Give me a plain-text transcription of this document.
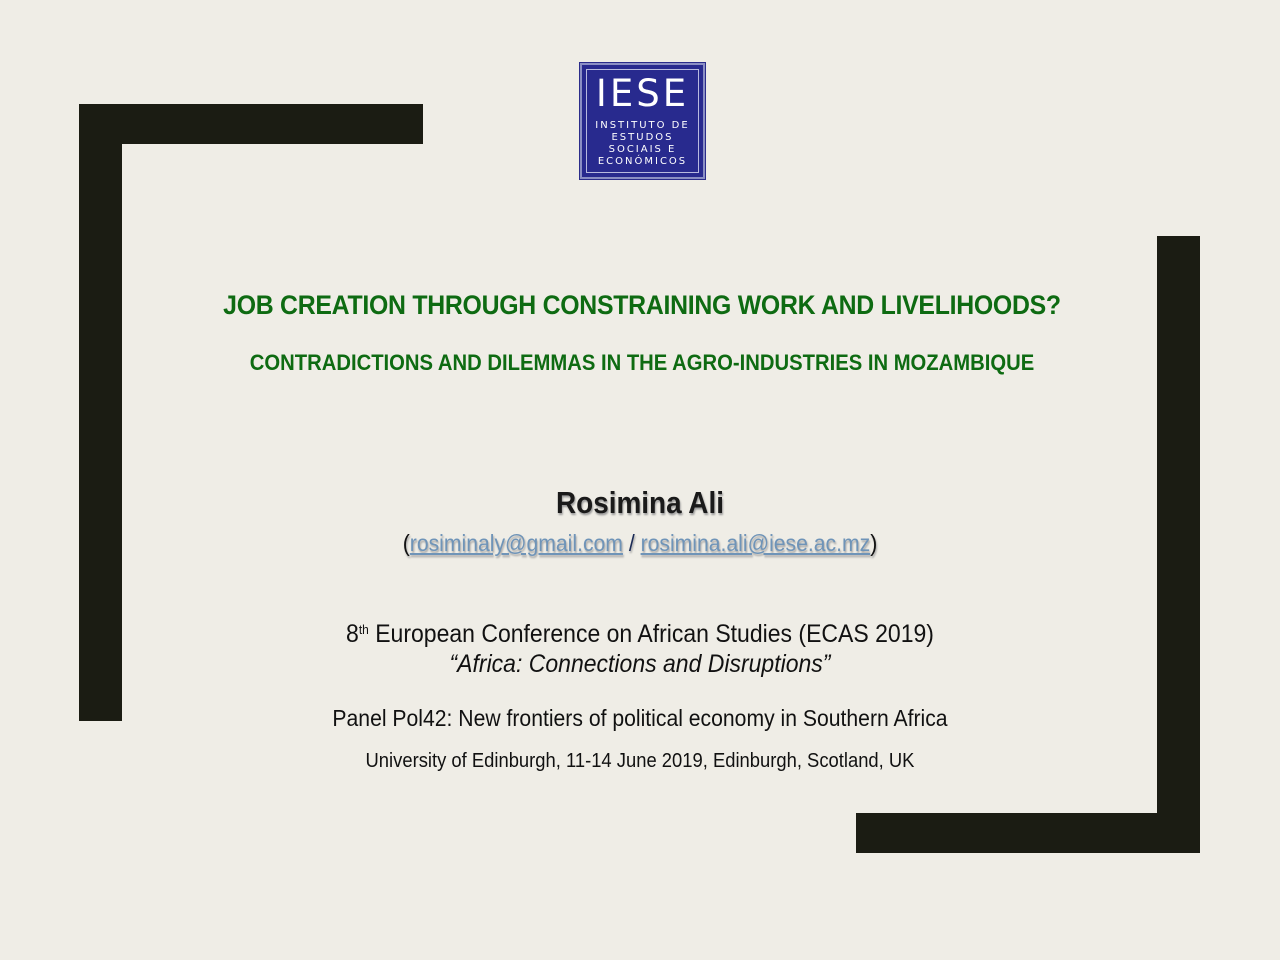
IESE
INSTITUTO DE
ESTUDOS
SOCIAIS E
ECONÓMICOS
JOB CREATION THROUGH CONSTRAINING WORK AND LIVELIHOODS?
CONTRADICTIONS AND DILEMMAS IN THE AGRO-INDUSTRIES IN MOZAMBIQUE
Rosimina Ali
(rosiminaly@gmail.com / rosimina.ali@iese.ac.mz)
8th European Conference on African Studies (ECAS 2019)
“Africa: Connections and Disruptions”
Panel Pol42: New frontiers of political economy in Southern Africa
University of Edinburgh, 11-14 June 2019, Edinburgh, Scotland, UK
